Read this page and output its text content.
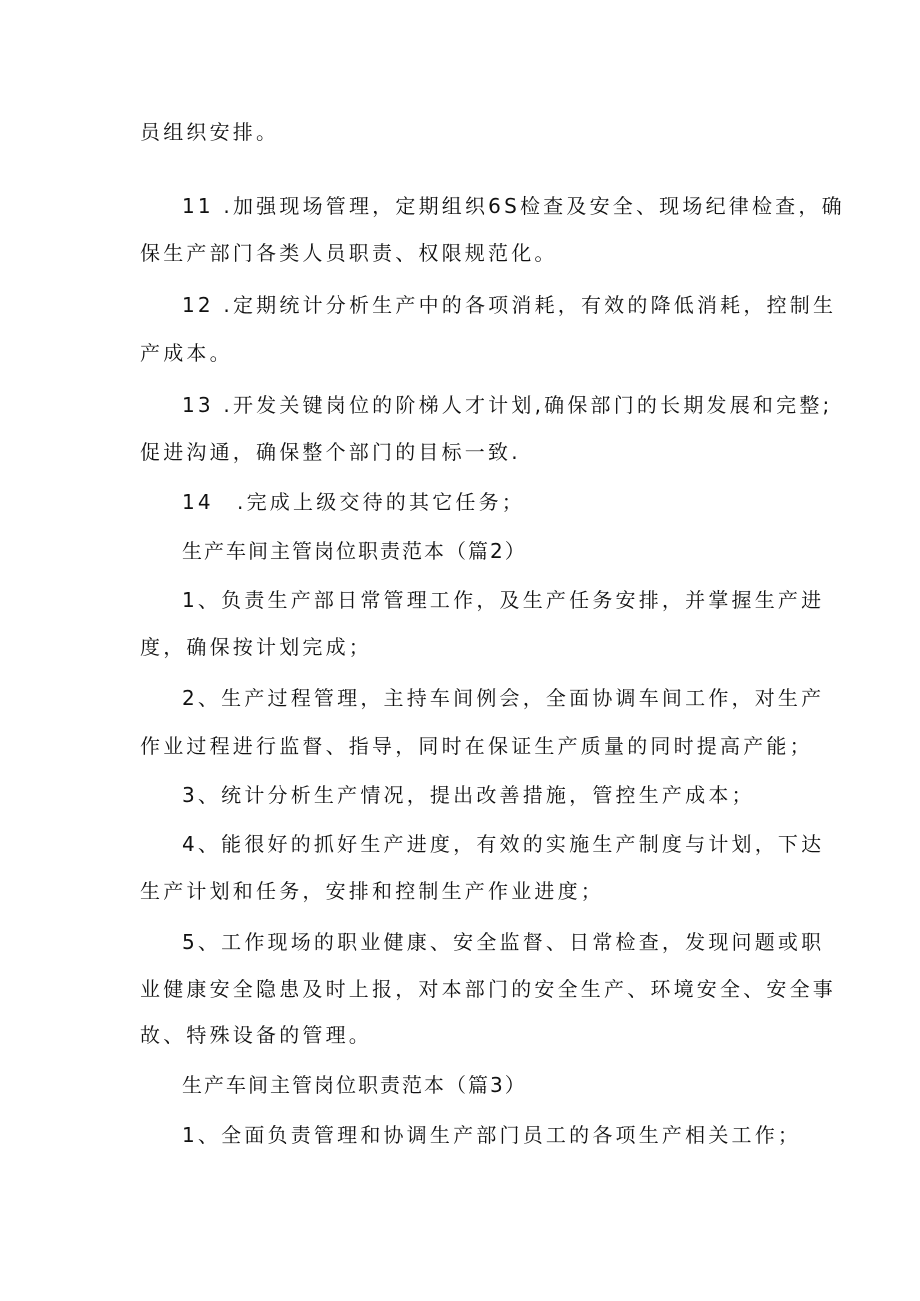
员组织安排。
11 .加强现场管理，定期组织6S检查及安全、现场纪律检查，确
保生产部门各类人员职责、权限规范化。
12 .定期统计分析生产中的各项消耗，有效的降低消耗，控制生
产成本。
13 .开发关键岗位的阶梯人才计划,确保部门的长期发展和完整;
促进沟通，确保整个部门的目标一致.
14　.完成上级交待的其它任务；
生产车间主管岗位职责范本（篇2）
1、负责生产部日常管理工作，及生产任务安排，并掌握生产进
度，确保按计划完成；
2、生产过程管理，主持车间例会，全面协调车间工作，对生产
作业过程进行监督、指导，同时在保证生产质量的同时提高产能；
3、统计分析生产情况，提出改善措施，管控生产成本；
4、能很好的抓好生产进度，有效的实施生产制度与计划，下达
生产计划和任务，安排和控制生产作业进度；
5、工作现场的职业健康、安全监督、日常检查，发现问题或职
业健康安全隐患及时上报，对本部门的安全生产、环境安全、安全事
故、特殊设备的管理。
生产车间主管岗位职责范本（篇3）
1、全面负责管理和协调生产部门员工的各项生产相关工作；
